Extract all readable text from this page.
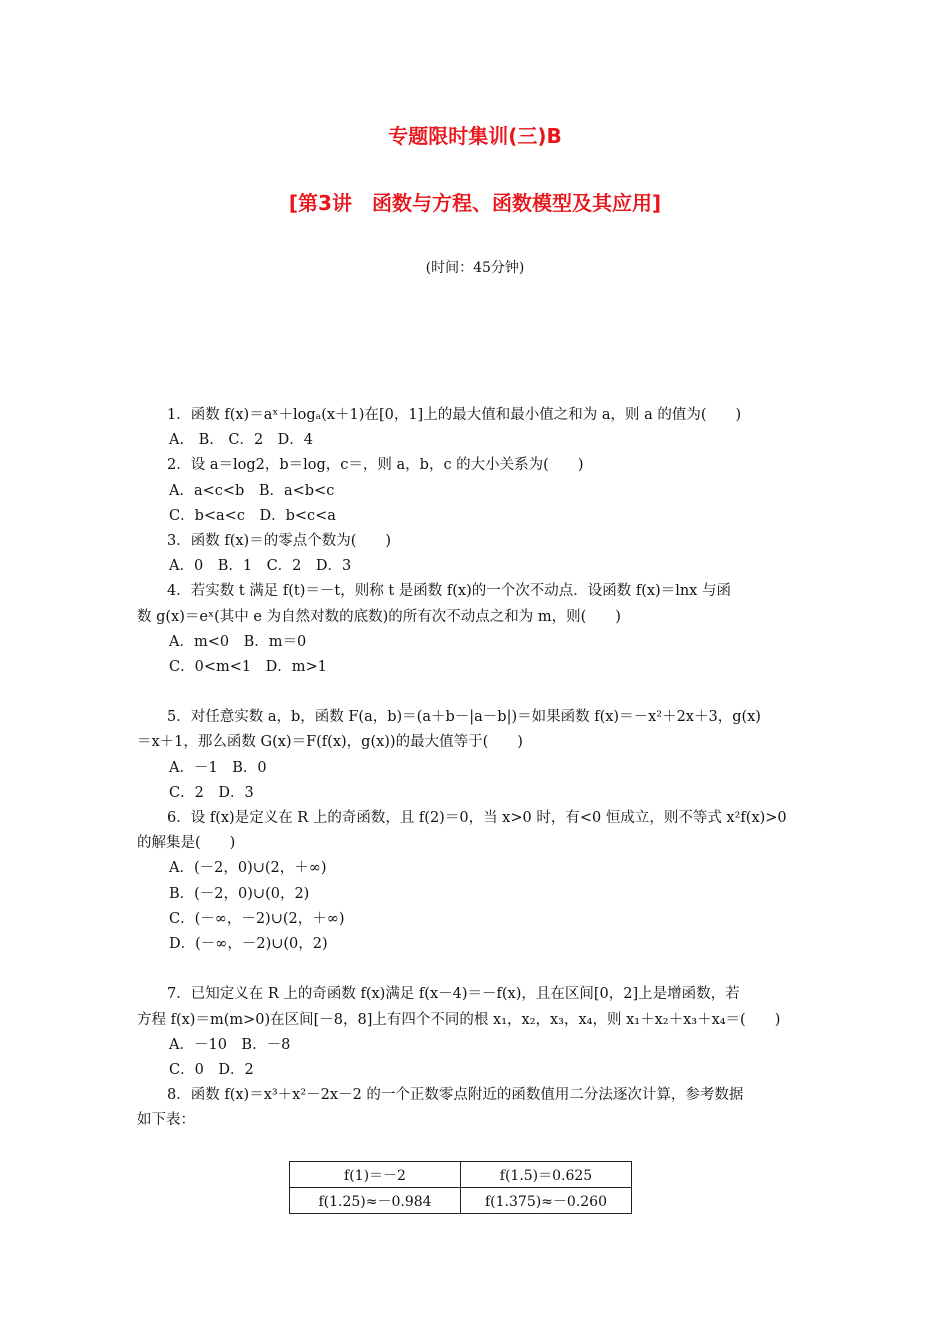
专题限时集训(三)B
[第3讲　函数与方程、函数模型及其应用]
(时间：45分钟)
1．函数 f(x)＝aˣ＋logₐ(x＋1)在[0，1]上的最大值和最小值之和为 a，则 a 的值为(　　)
A.　B.　C．2　D．4
2．设 a＝log2，b＝log，c＝，则 a，b，c 的大小关系为(　　)
A．a<c<b　B．a<b<c
C．b<a<c　D．b<c<a
3．函数 f(x)＝的零点个数为(　　)
A．0　B．1　C．2　D．3
4．若实数 t 满足 f(t)＝－t，则称 t 是函数 f(x)的一个次不动点．设函数 f(x)＝lnx 与函
数 g(x)＝eˣ(其中 e 为自然对数的底数)的所有次不动点之和为 m，则(　　)
A．m<0　B．m＝0
C．0<m<1　D．m>1
5．对任意实数 a，b，函数 F(a，b)＝(a＋b－|a－b|)＝如果函数 f(x)＝－x²＋2x＋3，g(x)
＝x＋1，那么函数 G(x)＝F(f(x)，g(x))的最大值等于(　　)
A．－1　B．0
C．2　D．3
6．设 f(x)是定义在 R 上的奇函数，且 f(2)＝0，当 x>0 时，有<0 恒成立，则不等式 x²f(x)>0
的解集是(　　)
A．(－2，0)∪(2，＋∞)
B．(－2，0)∪(0，2)
C．(－∞，－2)∪(2，＋∞)
D．(－∞，－2)∪(0，2)
7．已知定义在 R 上的奇函数 f(x)满足 f(x－4)＝－f(x)，且在区间[0，2]上是增函数，若
方程 f(x)＝m(m>0)在区间[－8，8]上有四个不同的根 x₁，x₂，x₃，x₄，则 x₁＋x₂＋x₃＋x₄＝(　　)
A．－10　B．－8
C．0　D．2
8．函数 f(x)＝x³＋x²－2x－2 的一个正数零点附近的函数值用二分法逐次计算，参考数据
如下表：
f(1)＝－2	f(1.5)＝0.625
f(1.25)≈－0.984	f(1.375)≈－0.260
